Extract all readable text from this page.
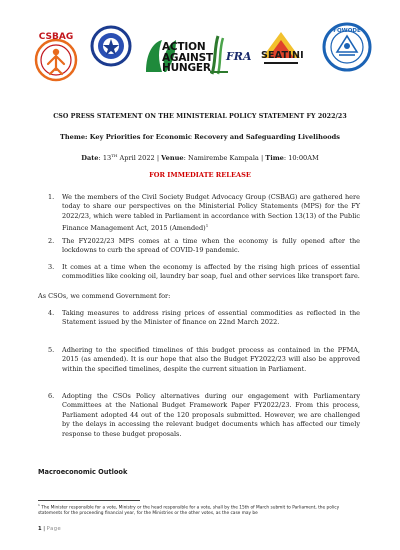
CSBAG
ACTION
AGAINST
HUNGER
FRA SEATINI
FOWODE
CSO PRESS STATEMENT ON THE MINISTERIAL POLICY STATEMENT FY 2022/23
Theme: Key Priorities for Economic Recovery and Safeguarding Livelihoods
Date: 13TH April 2022 | Venue: Namirembe Kampala | Time: 10:00AM
FOR IMMEDIATE RELEASE
1. We the members of the Civil Society Budget Advocacy Group (CSBAG) are gathered here today to share our perspectives on the Ministerial Policy Statements (MPS) for the FY 2022/23, which were tabled in Parliament in accordance with Section 13(13) of the Public Finance Management Act, 2015 (Amended)$^1$
2. The FY2022/23 MPS comes at a time when the economy is fully opened after the lockdowns to curb the spread of COVID-19 pandemic.
3. It comes at a time when the economy is affected by the rising high prices of essential commodities like cooking oil, laundry bar soap, fuel and other services like transport fare.
4. Taking measures to address rising prices of essential commodities as reflected in the Statement issued by the Minister of finance on 22nd March 2022.
5. Adhering to the specified timelines of this budget process as contained in the PFMA, 2015 (as amended). It is our hope that also the Budget FY2022/23 will also be approved within the specified timelines, despite the current situation in Parliament.
6. Adopting the CSOs Policy alternatives during our engagement with Parliamentary Committees at the National Budget Framework Paper FY2022/23. From this process, Parliament adopted 44 out of the 120 proposals submitted. However, we are challenged by the delays in accessing the relevant budget documents which has affected our timely response to these budget proposals.
As CSOs, we commend Government for:
Macroeconomic Outlook
$^1$ The Minister responsible for a vote, Ministry or the head responsible for a vote, shall by the 15th of March submit to Parliament, the policy statements for the proceeding financial year, for the Ministries or the other votes, as the case may be
1 | Page
